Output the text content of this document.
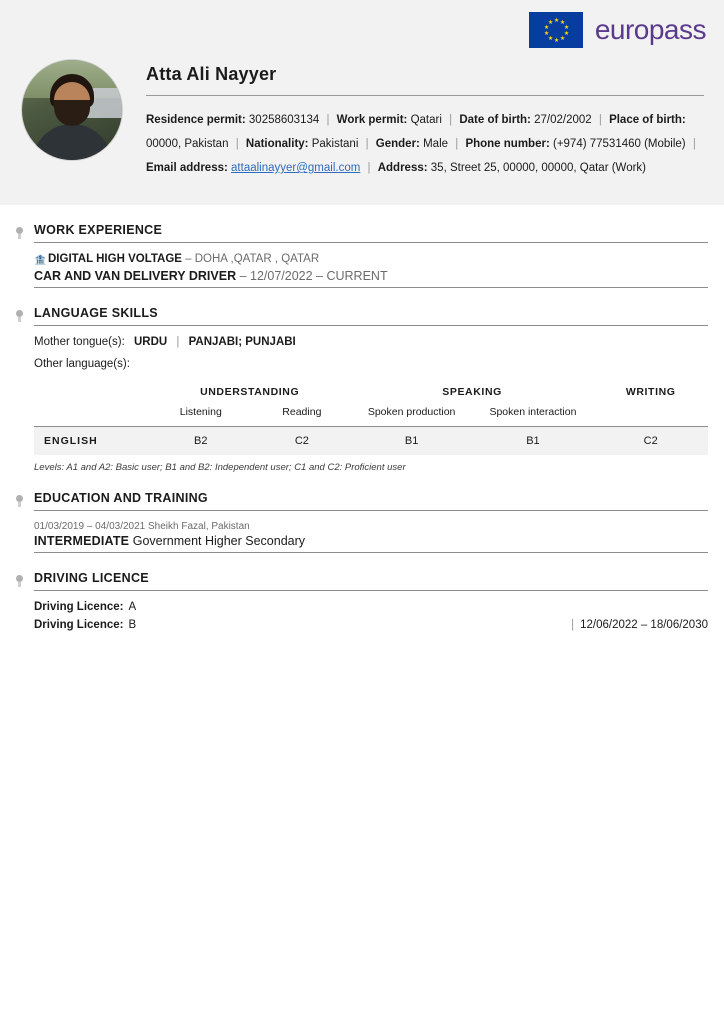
★ ★
★
★
★
★
★
★
★
★ europass
Atta Ali Nayyer
Residence permit: 30258603134 | Work permit: Qatari | Date of birth: 27/02/2002 | Place of birth: 00000, Pakistan | Nationality: Pakistani | Gender: Male | Phone number: (+974) 77531460 (Mobile) | Email address: attaalinayyer@gmail.com | Address: 35, Street 25, 00000, 00000, Qatar (Work)
WORK EXPERIENCE
🏦 DIGITAL HIGH VOLTAGE – DOHA ,QATAR , QATAR
CAR AND VAN DELIVERY DRIVER – 12/07/2022 – CURRENT
LANGUAGE SKILLS
Mother tongue(s): URDU | PANJABI; PUNJABI
Other language(s):
	UNDERSTANDING		SPEAKING		WRITING
	Listening	Reading	Spoken production	Spoken interaction	
ENGLISH	B2	C2	B1	B1	C2
Levels: A1 and A2: Basic user; B1 and B2: Independent user; C1 and C2: Proficient user
EDUCATION AND TRAINING
01/03/2019 – 04/03/2021 Sheikh Fazal, Pakistan
INTERMEDIATE Government Higher Secondary
DRIVING LICENCE
Driving Licence: A
Driving Licence: B	| 12/06/2022 – 18/06/2030
